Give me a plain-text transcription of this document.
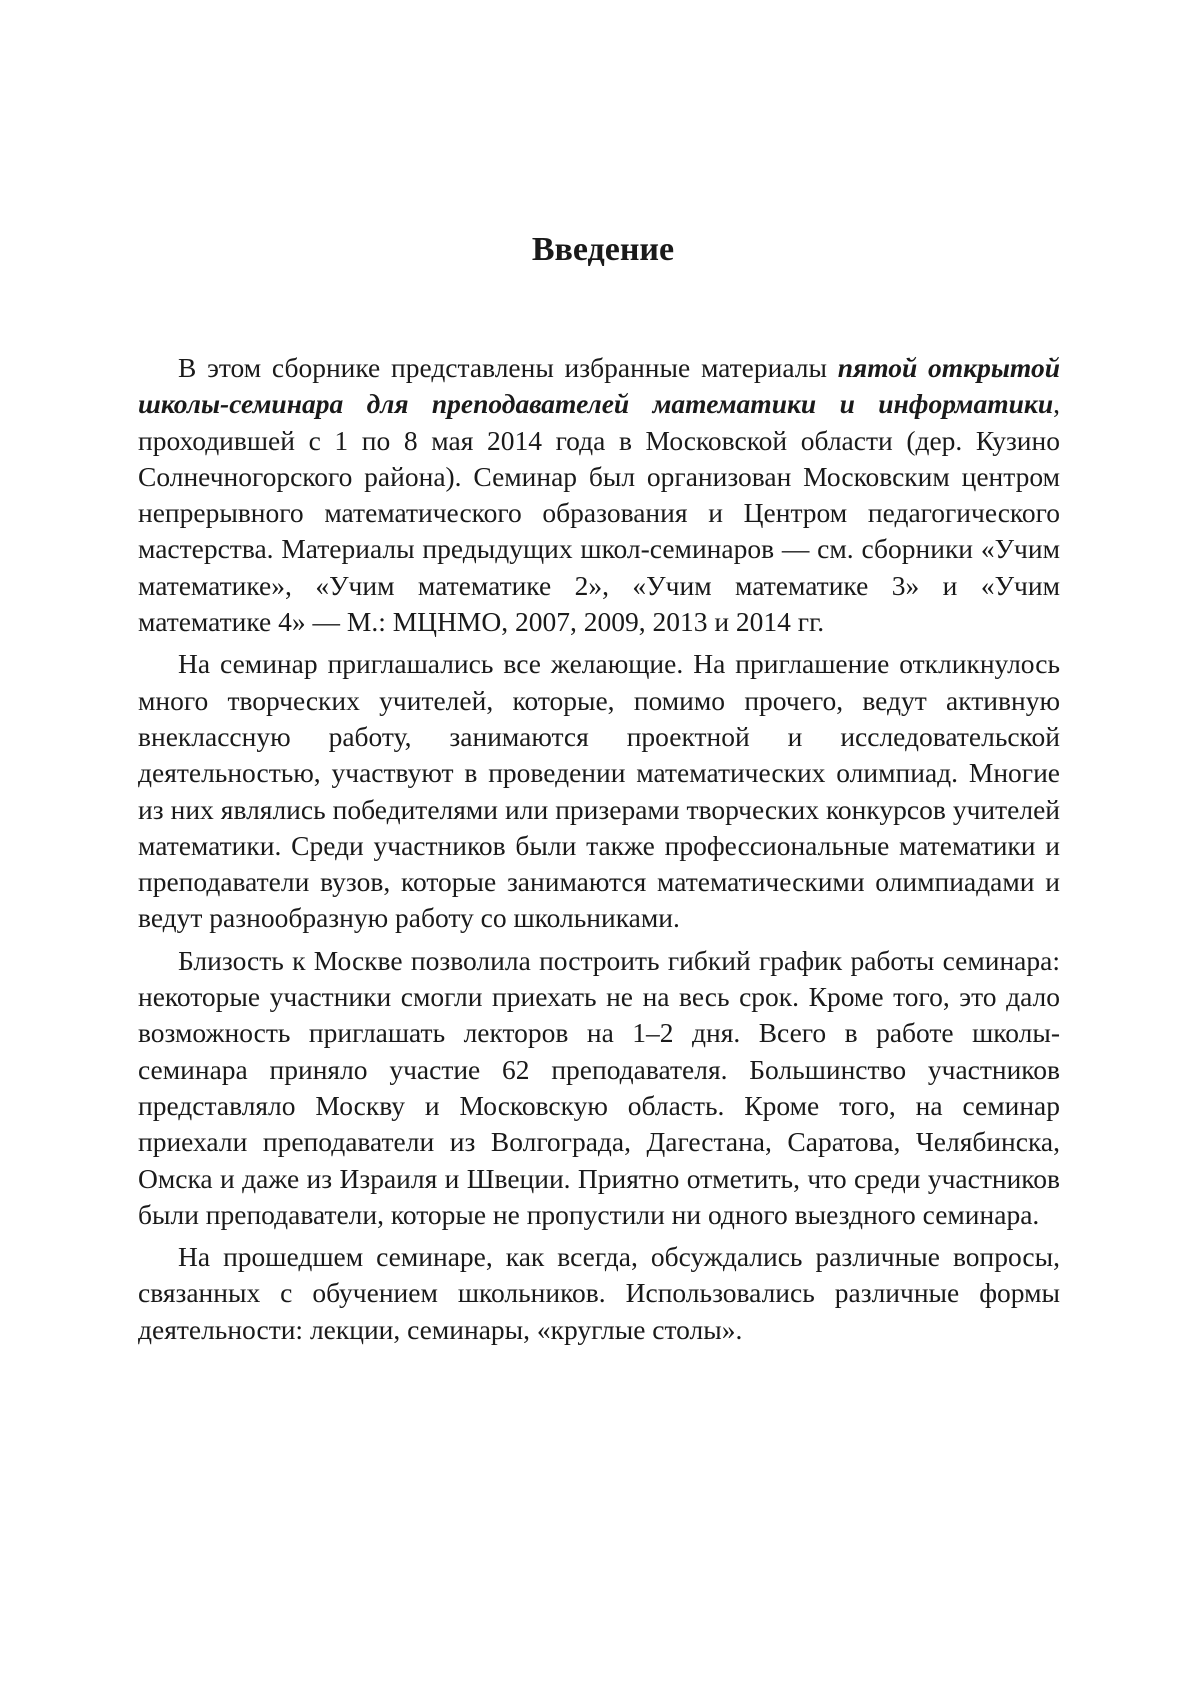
Введение

В этом сборнике представлены избранные материалы пятой открытой школы-семинара для преподавателей математики и информатики, проходившей с 1 по 8 мая 2014 года в Московской области (дер. Кузино Солнечногорского района). Семинар был ор­ганизован Московским центром непрерывного математического образования и Центром педагогического мастерства. Материалы предыдущих школ-семинаров — см. сборники «Учим математике», «Учим математике 2», «Учим математике 3» и «Учим математике 4» — М.: МЦНМО, 2007, 2009, 2013 и 2014 гг.

На семинар приглашались все желающие. На приглашение от­кликнулось много творческих учителей, которые, помимо прочего, ведут активную внеклассную работу, занимаются проектной и ис­следовательской деятельностью, участвуют в проведении матема­тических олимпиад. Многие из них являлись победителями или призерами творческих конкурсов учителей математики. Среди уча­стников были также профессиональные математики и преподавате­ли вузов, которые занимаются математическими олимпиадами и ведут разнообразную работу со школьниками.

Близость к Москве позволила построить гибкий график работы семинара: некоторые участники смогли приехать не на весь срок. Кроме того, это дало возможность приглашать лекторов на 1–2 дня. Всего в работе школы-семинара приняло участие 62 преподавателя. Большинство участников представляло Москву и Московскую об­ласть. Кроме того, на семинар приехали преподаватели из Волго­града, Дагестана, Саратова, Челябинска, Омска и даже из Израиля и Швеции. Приятно отметить, что среди участников были препода­ватели, которые не пропустили ни одного выездного семинара.

На прошедшем семинаре, как всегда, обсуждались различные вопросы, связанных с обучением школьников. Использовались раз­личные формы деятельности: лекции, семинары, «круглые столы».
